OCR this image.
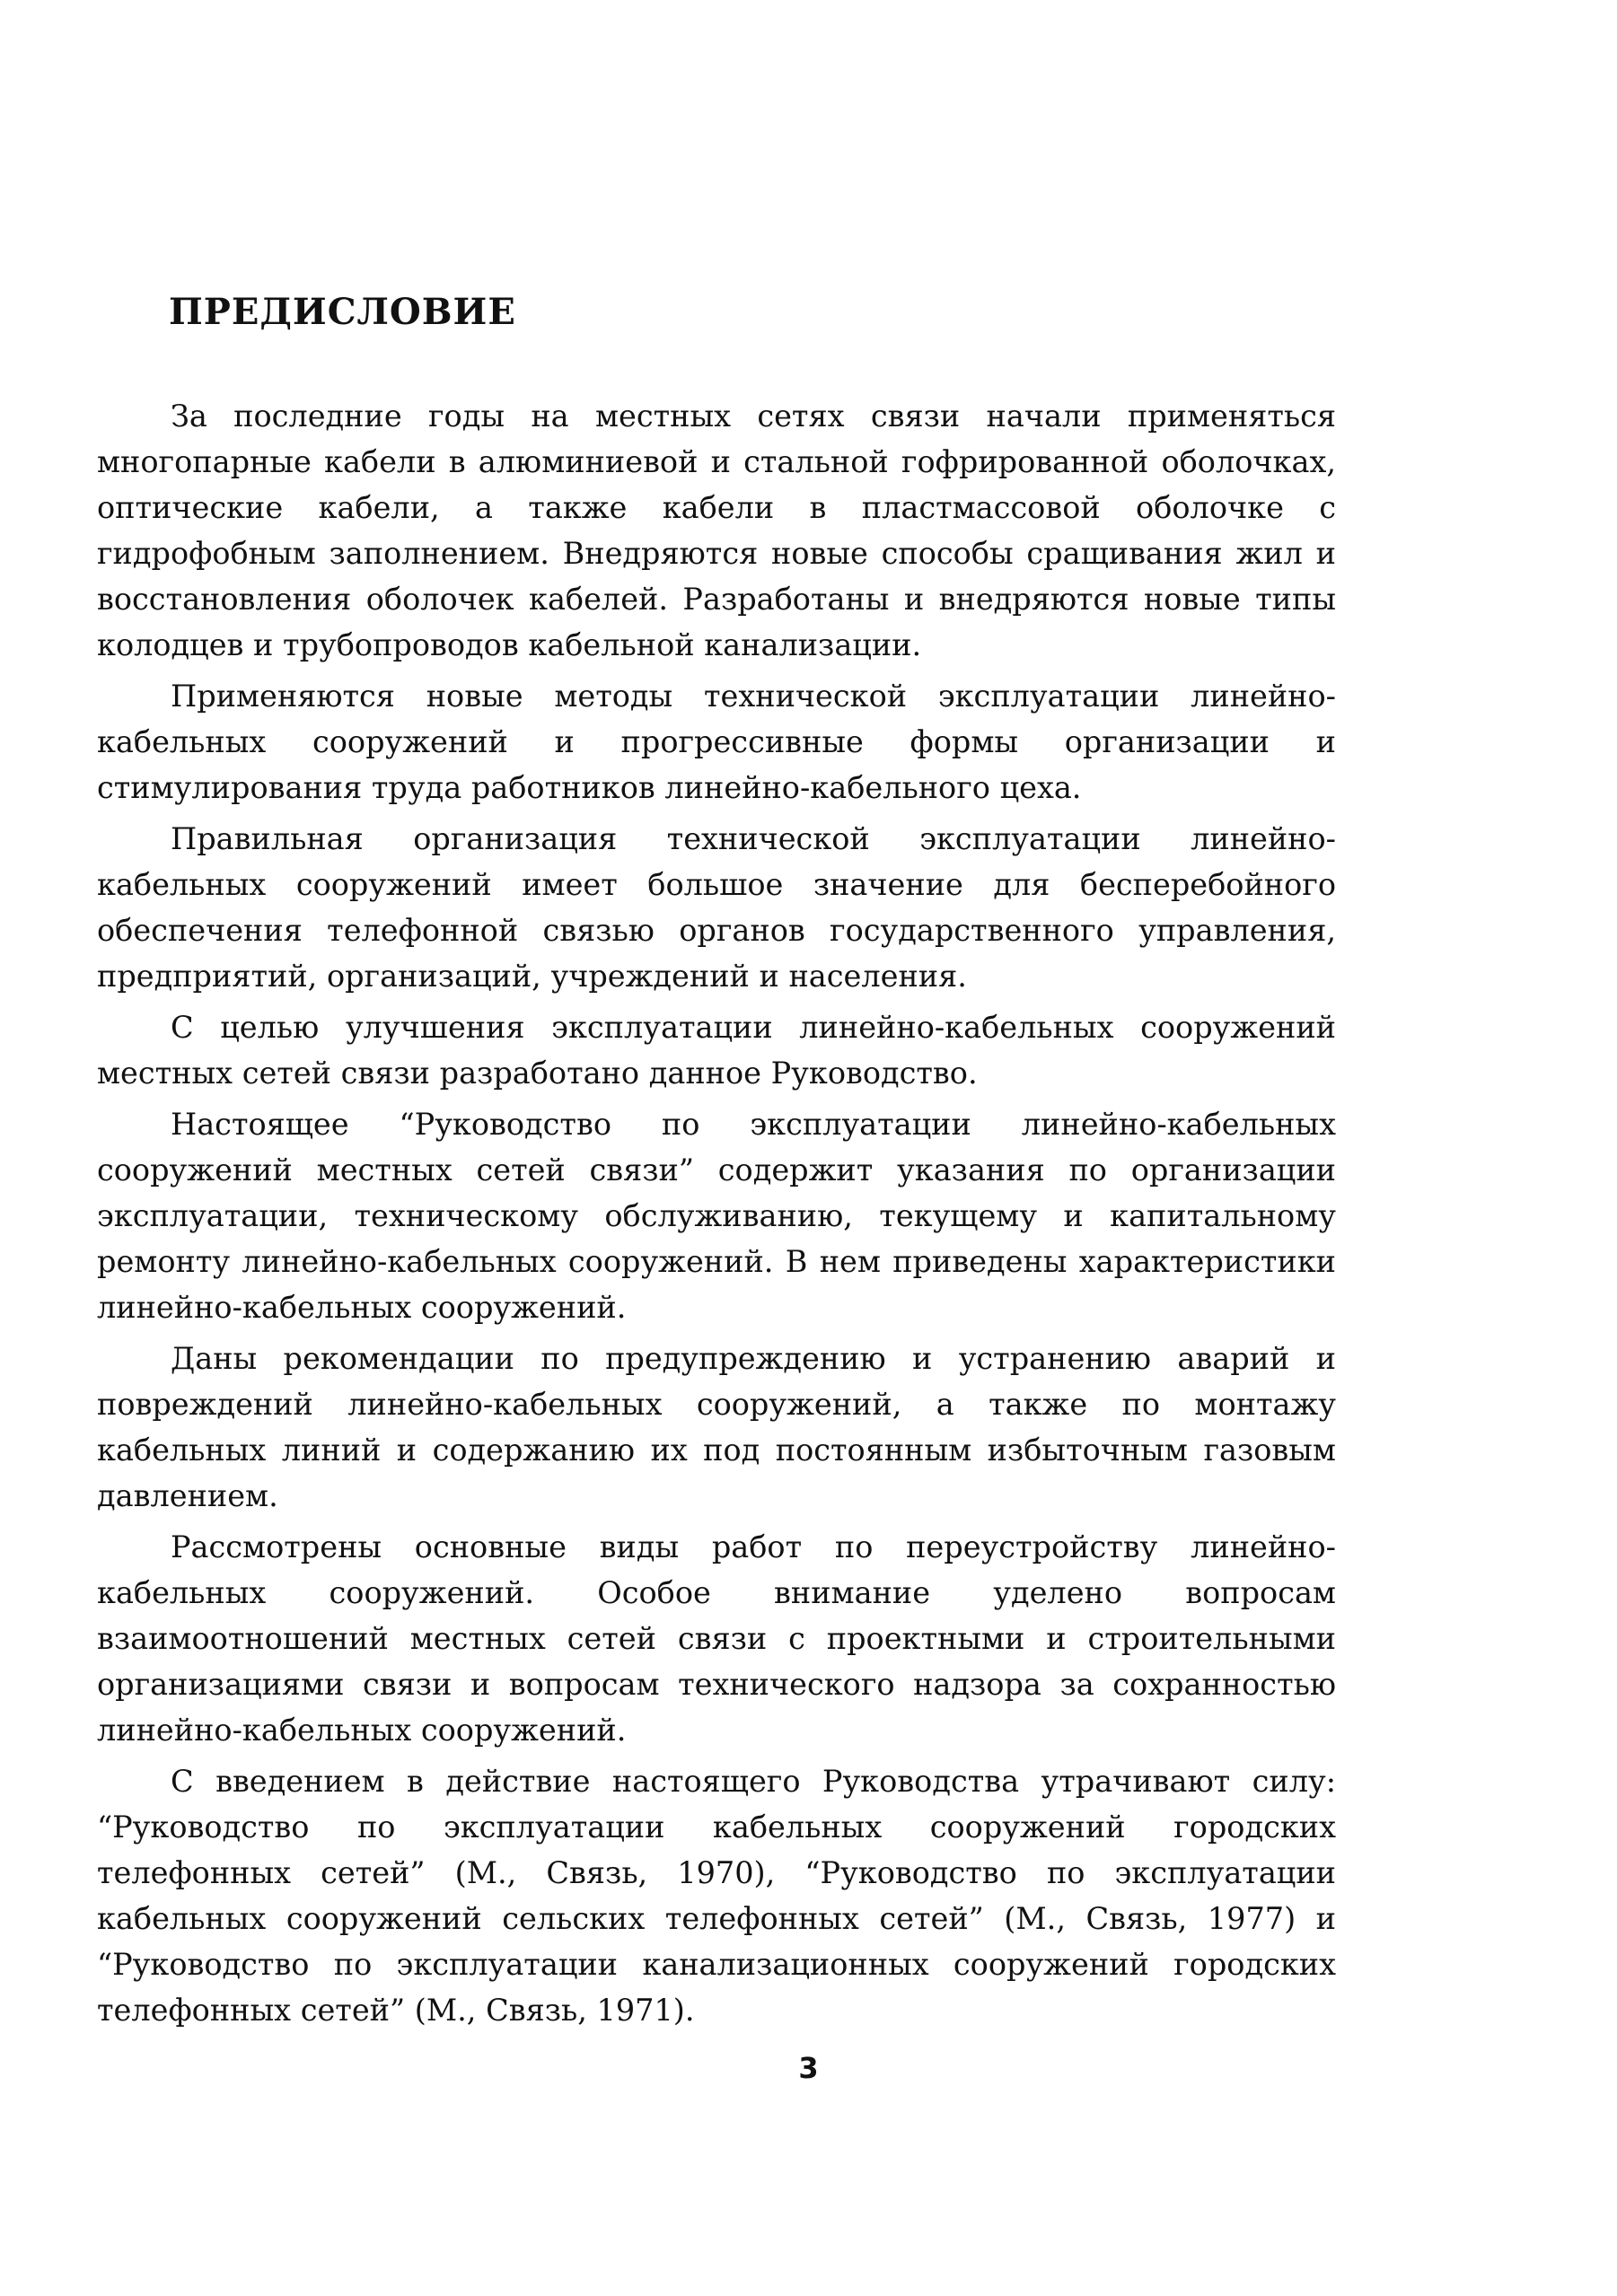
ПРЕДИСЛОВИЕ

За последние годы на местных сетях связи начали применяться многопарные кабели в алюминиевой и стальной гофрированной оболочках, оптические кабели, а также кабели в пластмассовой оболочке с гидрофобным заполнением. Внедряются новые способы сращивания жил и восстановления оболочек кабелей. Разработаны и внедряются новые типы колодцев и трубопроводов кабельной канализации.

Применяются новые методы технической эксплуатации линейно-кабельных сооружений и прогрессивные формы организации и стимулирования труда работников линейно-кабельного цеха.

Правильная организация технической эксплуатации линейно-кабельных сооружений имеет большое значение для бесперебойного обеспечения телефонной связью органов государственного управления, предприятий, организаций, учреждений и населения.

С целью улучшения эксплуатации линейно-кабельных сооружений местных сетей связи разработано данное Руководство.

Настоящее “Руководство по эксплуатации линейно-кабельных сооружений местных сетей связи” содержит указания по организации эксплуатации, техническому обслуживанию, текущему и капитальному ремонту линейно-кабельных сооружений. В нем приведены характеристики линейно-кабельных сооружений.

Даны рекомендации по предупреждению и устранению аварий и повреждений линейно-кабельных сооружений, а также по монтажу кабельных линий и содержанию их под постоянным избыточным газовым давлением.

Рассмотрены основные виды работ по переустройству линейно-кабельных сооружений. Особое внимание уделено вопросам взаимоотношений местных сетей связи с проектными и строительными организациями связи и вопросам технического надзора за сохранностью линейно-кабельных сооружений.

С введением в действие настоящего Руководства утрачивают силу: “Руководство по эксплуатации кабельных сооружений городских телефонных сетей” (М., Связь, 1970), “Руководство по эксплуатации кабельных сооружений сельских телефонных сетей” (М., Связь, 1977) и “Руководство по эксплуатации канализационных сооружений городских телефонных сетей” (М., Связь, 1971).

3
